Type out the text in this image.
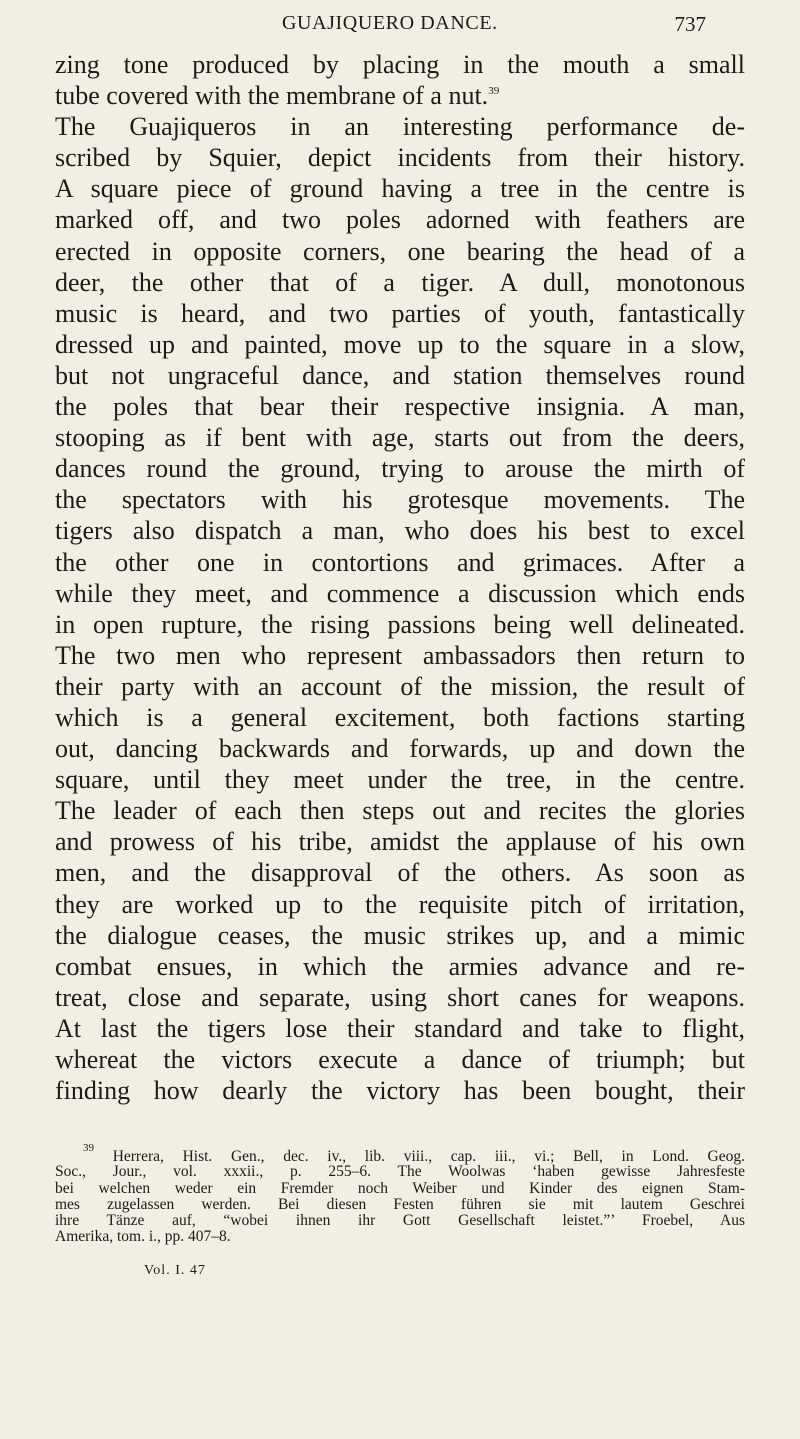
GUAJIQUERO DANCE.	737
zing tone produced by placing in the mouth a small
tube covered with the membrane of a nut.$^{39}$
The Guajiqueros in an interesting performance de-
scribed by Squier, depict incidents from their history.
A square piece of ground having a tree in the centre is
marked off, and two poles adorned with feathers are
erected in opposite corners, one bearing the head of a
deer, the other that of a tiger. A dull, monotonous
music is heard, and two parties of youth, fantastically
dressed up and painted, move up to the square in a slow,
but not ungraceful dance, and station themselves round
the poles that bear their respective insignia. A man,
stooping as if bent with age, starts out from the deers,
dances round the ground, trying to arouse the mirth of
the spectators with his grotesque movements. The
tigers also dispatch a man, who does his best to excel
the other one in contortions and grimaces. After a
while they meet, and commence a discussion which ends
in open rupture, the rising passions being well delineated.
The two men who represent ambassadors then return to
their party with an account of the mission, the result of
which is a general excitement, both factions starting
out, dancing backwards and forwards, up and down the
square, until they meet under the tree, in the centre.
The leader of each then steps out and recites the glories
and prowess of his tribe, amidst the applause of his own
men, and the disapproval of the others. As soon as
they are worked up to the requisite pitch of irritation,
the dialogue ceases, the music strikes up, and a mimic
combat ensues, in which the armies advance and re-
treat, close and separate, using short canes for weapons.
At last the tigers lose their standard and take to flight,
whereat the victors execute a dance of triumph; but
finding how dearly the victory has been bought, their
$^{39}$ Herrera, Hist. Gen., dec. iv., lib. viii., cap. iii., vi.; Bell, in Lond. Geog.
Soc., Jour., vol. xxxii., p. 255–6. The Woolwas ‘haben gewisse Jahresfeste
bei welchen weder ein Fremder noch Weiber und Kinder des eignen Stam-
mes zugelassen werden. Bei diesen Festen führen sie mit lautem Geschrei
ihre Tänze auf, “wobei ihnen ihr Gott Gesellschaft leistet.”’ Froebel, Aus
Amerika, tom. i., pp. 407–8.
Vol. I. 47
